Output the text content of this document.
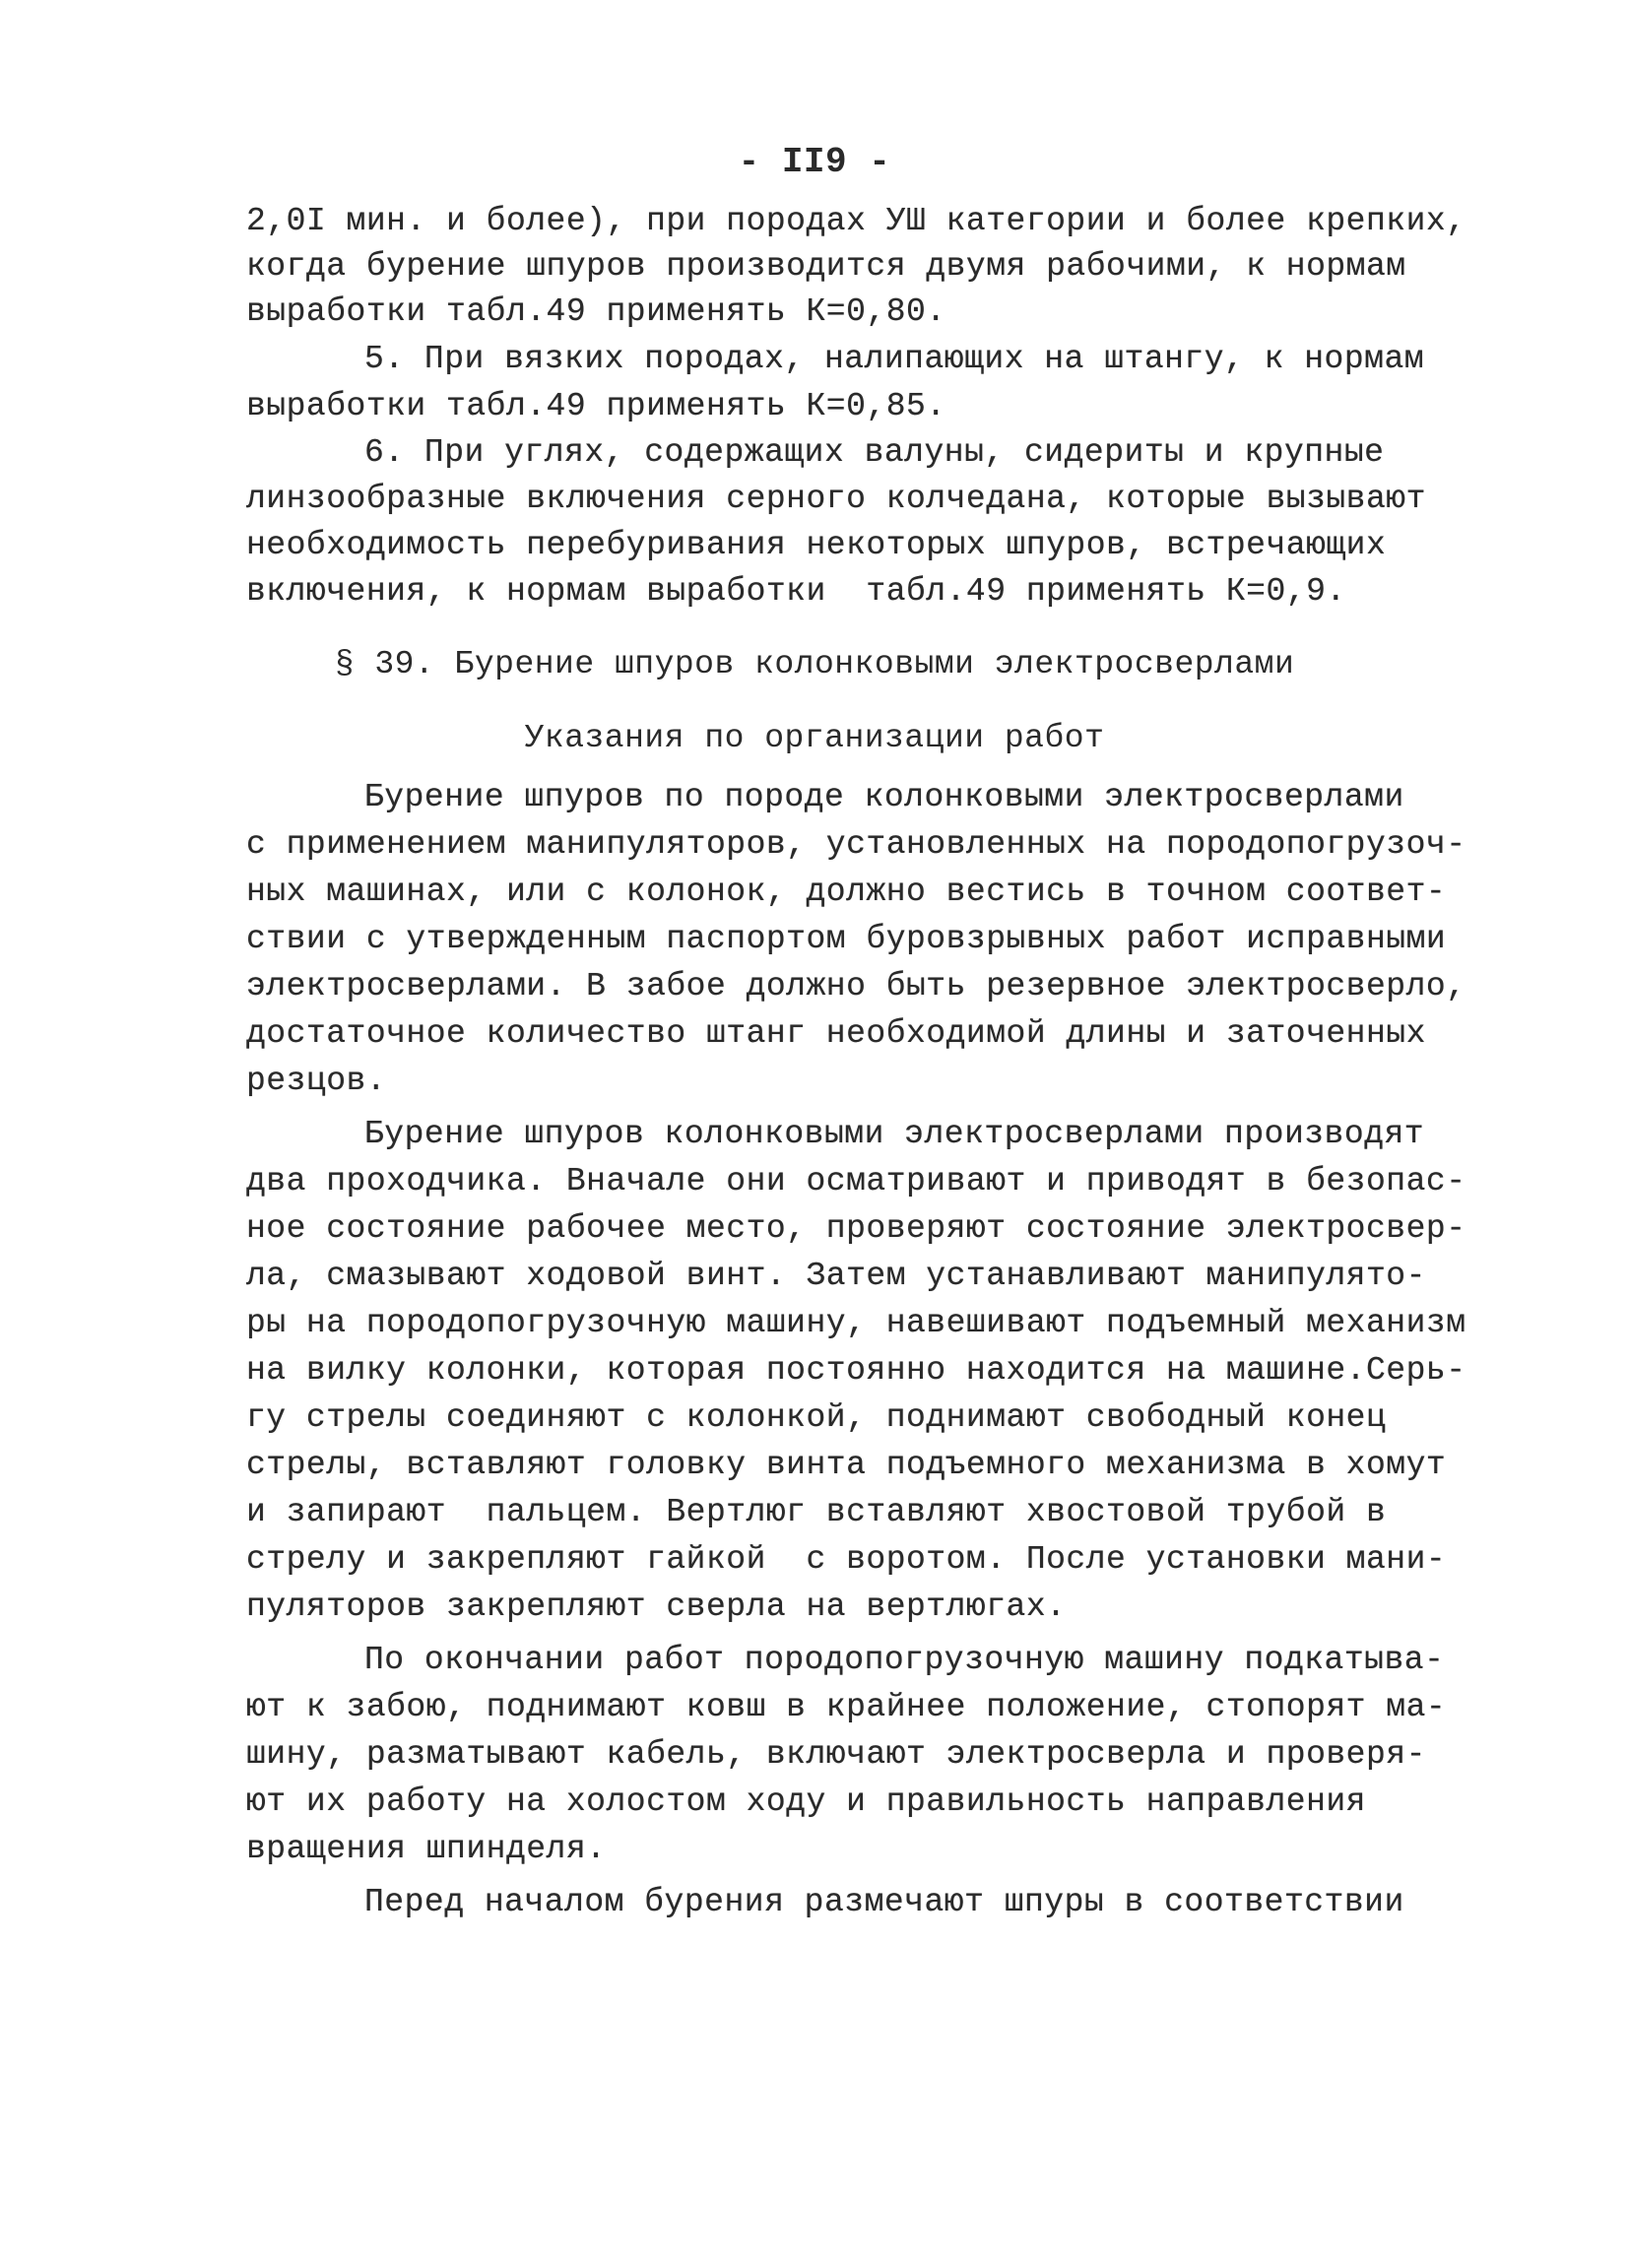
- II9 -
2,0I мин. и более), при породах УШ категории и более крепких,
когда бурение шпуров производится двумя рабочими, к нормам
выработки табл.49 применять К=0,80.
5. При вязких породах, налипающих на штангу, к нормам
выработки табл.49 применять К=0,85.
6. При углях, содержащих валуны, сидериты и крупные
линзообразные включения серного колчедана, которые вызывают
необходимость перебуривания некоторых шпуров, встречающих
включения, к нормам выработки  табл.49 применять К=0,9.
§ 39. Бурение шпуров колонковыми электросверлами
Указания по организации работ
Бурение шпуров по породе колонковыми электросверлами
с применением манипуляторов, установленных на породопогрузоч-
ных машинах, или с колонок, должно вестись в точном соответ-
ствии с утвержденным паспортом буровзрывных работ исправными
электросверлами. В забое должно быть резервное электросверло,
достаточное количество штанг необходимой длины и заточенных
резцов.
Бурение шпуров колонковыми электросверлами производят
два проходчика. Вначале они осматривают и приводят в безопас-
ное состояние рабочее место, проверяют состояние электросвер-
ла, смазывают ходовой винт. Затем устанавливают манипулято-
ры на породопогрузочную машину, навешивают подъемный механизм
на вилку колонки, которая постоянно находится на машине.Серь-
гу стрелы соединяют с колонкой, поднимают свободный конец
стрелы, вставляют головку винта подъемного механизма в хомут
и запирают  пальцем. Вертлюг вставляют хвостовой трубой в
стрелу и закрепляют гайкой  с воротом. После установки мани-
пуляторов закрепляют сверла на вертлюгах.
По окончании работ породопогрузочную машину подкатыва-
ют к забою, поднимают ковш в крайнее положение, стопорят ма-
шину, разматывают кабель, включают электросверла и проверя-
ют их работу на холостом ходу и правильность направления
вращения шпинделя.
Перед началом бурения размечают шпуры в соответствии
